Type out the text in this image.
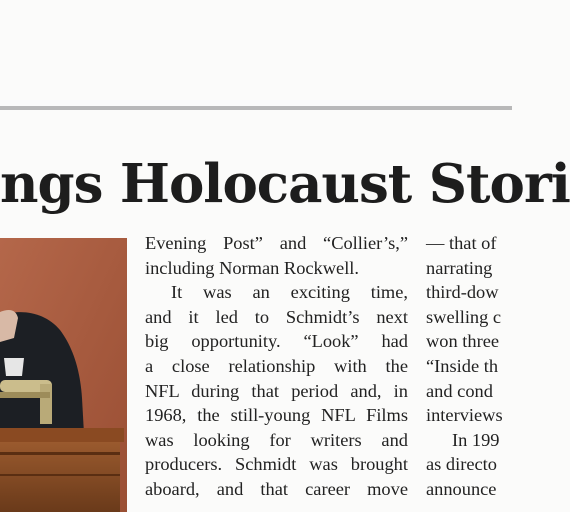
ngs Holocaust Stori
Evening Post” and “Collier’s,”
including Norman Rockwell.
It was an exciting time,
and it led to Schmidt’s next
big opportunity. “Look” had
a close relationship with the
NFL during that period and, in
1968, the still-young NFL Films
was looking for writers and
producers. Schmidt was brought
aboard, and that career move
— that of
narrating
third-dow
swelling c
won three
“Inside th
and cond
interviews
In 199
as directo
announce
